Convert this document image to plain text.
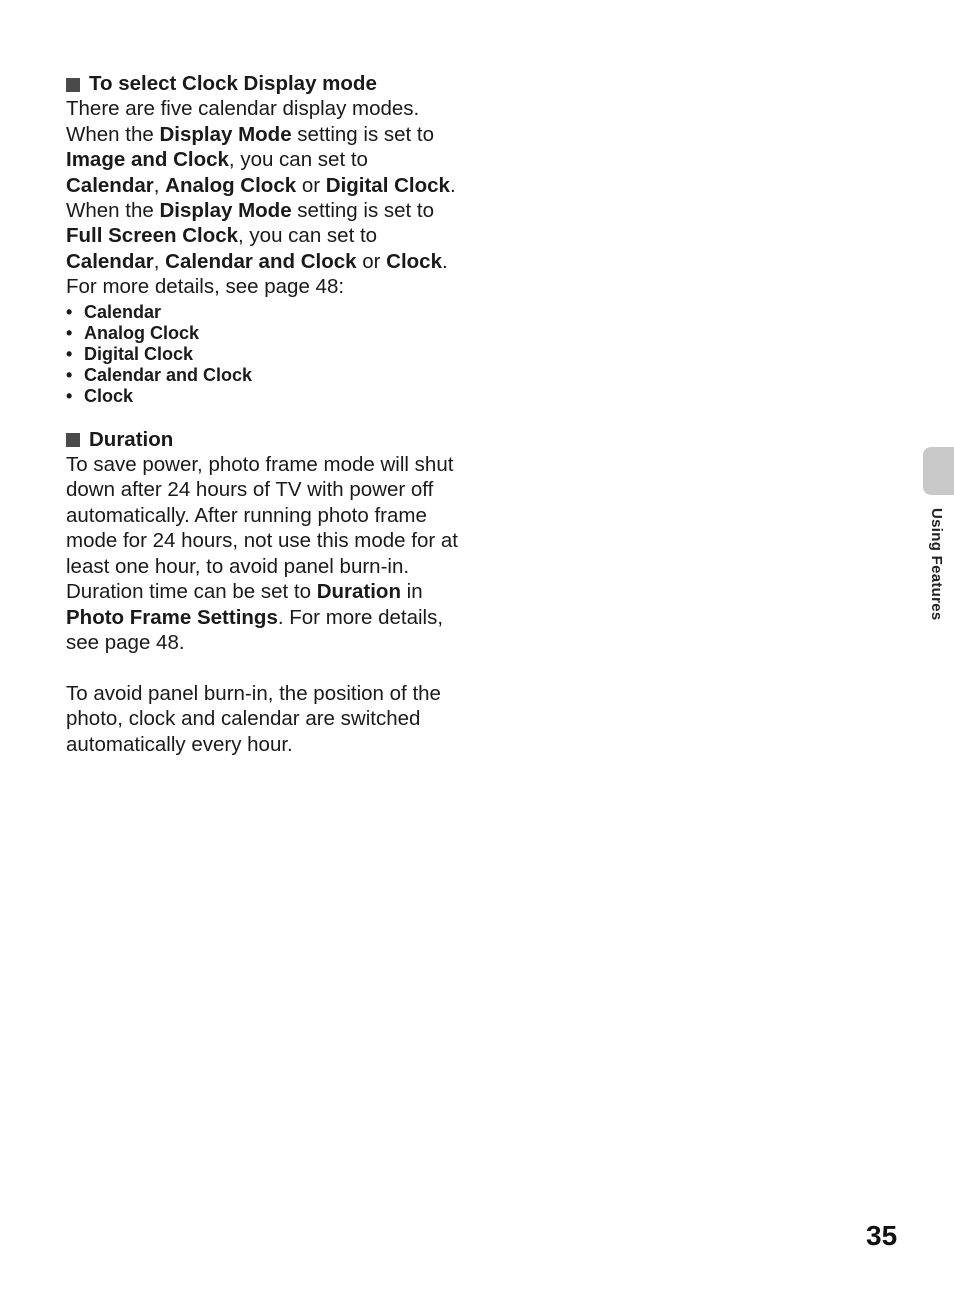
To select Clock Display mode

There are five calendar display modes.

When the Display Mode setting is set to Image and Clock, you can set to Calendar, Analog Clock or Digital Clock. When the Display Mode setting is set to Full Screen Clock, you can set to Calendar, Calendar and Clock or Clock.

For more details, see page 48:

• Calendar
• Analog Clock
• Digital Clock
• Calendar and Clock
• Clock
Duration

To save power, photo frame mode will shut down after 24 hours of TV with power off automatically. After running photo frame mode for 24 hours, not use this mode for at least one hour, to avoid panel burn-in.

Duration time can be set to Duration in Photo Frame Settings. For more details, see page 48.

To avoid panel burn-in, the position of the photo, clock and calendar are switched automatically every hour.

Using Features
35
